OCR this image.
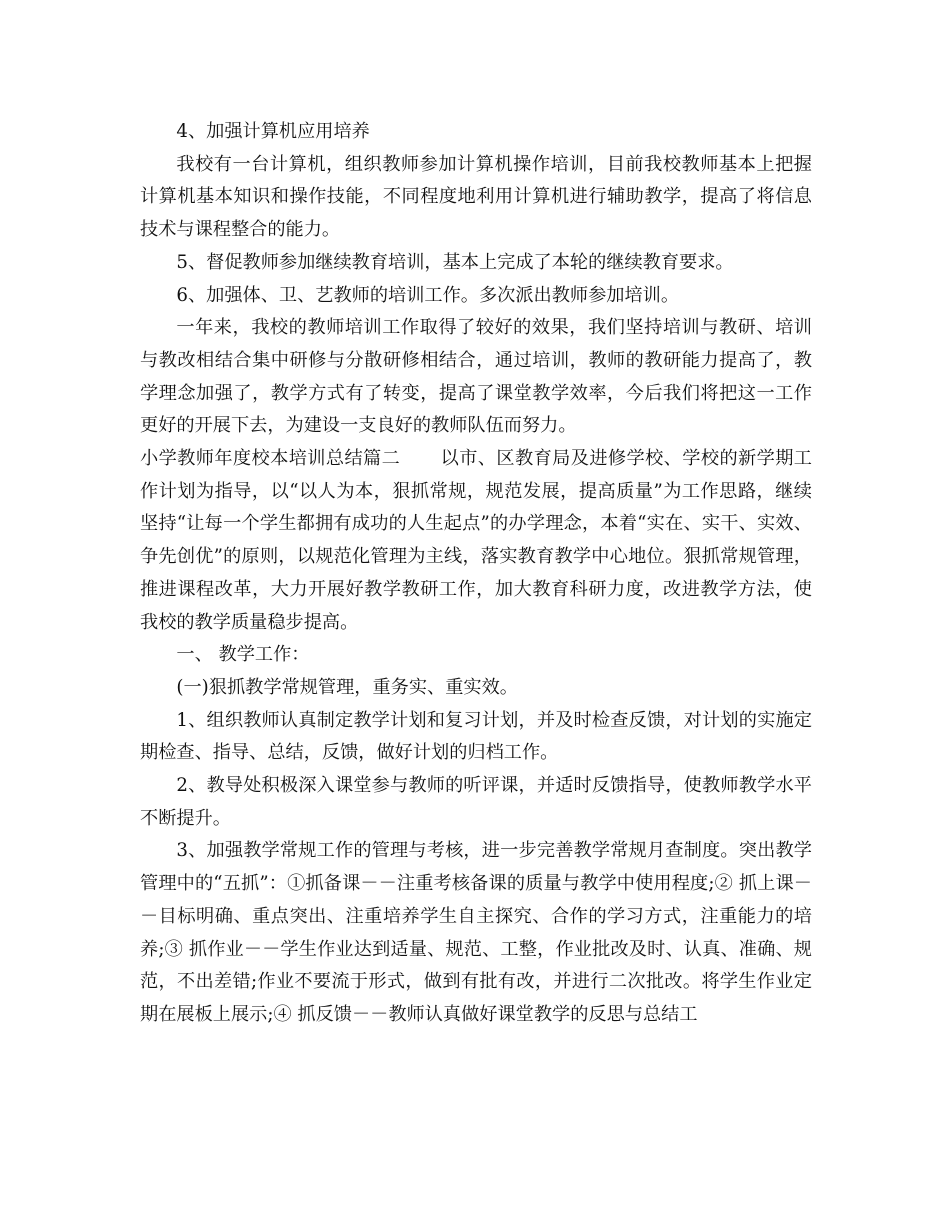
4、加强计算机应用培养

我校有一台计算机，组织教师参加计算机操作培训，目前我校教师基本上把握计算机基本知识和操作技能，不同程度地利用计算机进行辅助教学，提高了将信息技术与课程整合的能力。

5、督促教师参加继续教育培训，基本上完成了本轮的继续教育要求。

6、加强体、卫、艺教师的培训工作。多次派出教师参加培训。

一年来，我校的教师培训工作取得了较好的效果，我们坚持培训与教研、培训与教改相结合集中研修与分散研修相结合，通过培训，教师的教研能力提高了，教学理念加强了，教学方式有了转变，提高了课堂教学效率，今后我们将把这一工作更好的开展下去，为建设一支良好的教师队伍而努力。

小学教师年度校本培训总结篇二 以市、区教育局及进修学校、学校的新学期工作计划为指导，以“以人为本，狠抓常规，规范发展，提高质量”为工作思路，继续坚持“让每一个学生都拥有成功的人生起点”的办学理念，本着“实在、实干、实效、争先创优”的原则，以规范化管理为主线，落实教育教学中心地位。狠抓常规管理，推进课程改革，大力开展好教学教研工作，加大教育科研力度，改进教学方法，使我校的教学质量稳步提高。

一、 教学工作：

(一)狠抓教学常规管理，重务实、重实效。

1、组织教师认真制定教学计划和复习计划，并及时检查反馈，对计划的实施定期检查、指导、总结，反馈，做好计划的归档工作。

2、教导处积极深入课堂参与教师的听评课，并适时反馈指导，使教师教学水平不断提升。

3、加强教学常规工作的管理与考核，进一步完善教学常规月查制度。突出教学管理中的“五抓”：①抓备课－－注重考核备课的质量与教学中使用程度;② 抓上课－－目标明确、重点突出、注重培养学生自主探究、合作的学习方式，注重能力的培养;③ 抓作业－－学生作业达到适量、规范、工整，作业批改及时、认真、准确、规范，不出差错;作业不要流于形式，做到有批有改，并进行二次批改。将学生作业定期在展板上展示;④ 抓反馈－－教师认真做好课堂教学的反思与总结工
